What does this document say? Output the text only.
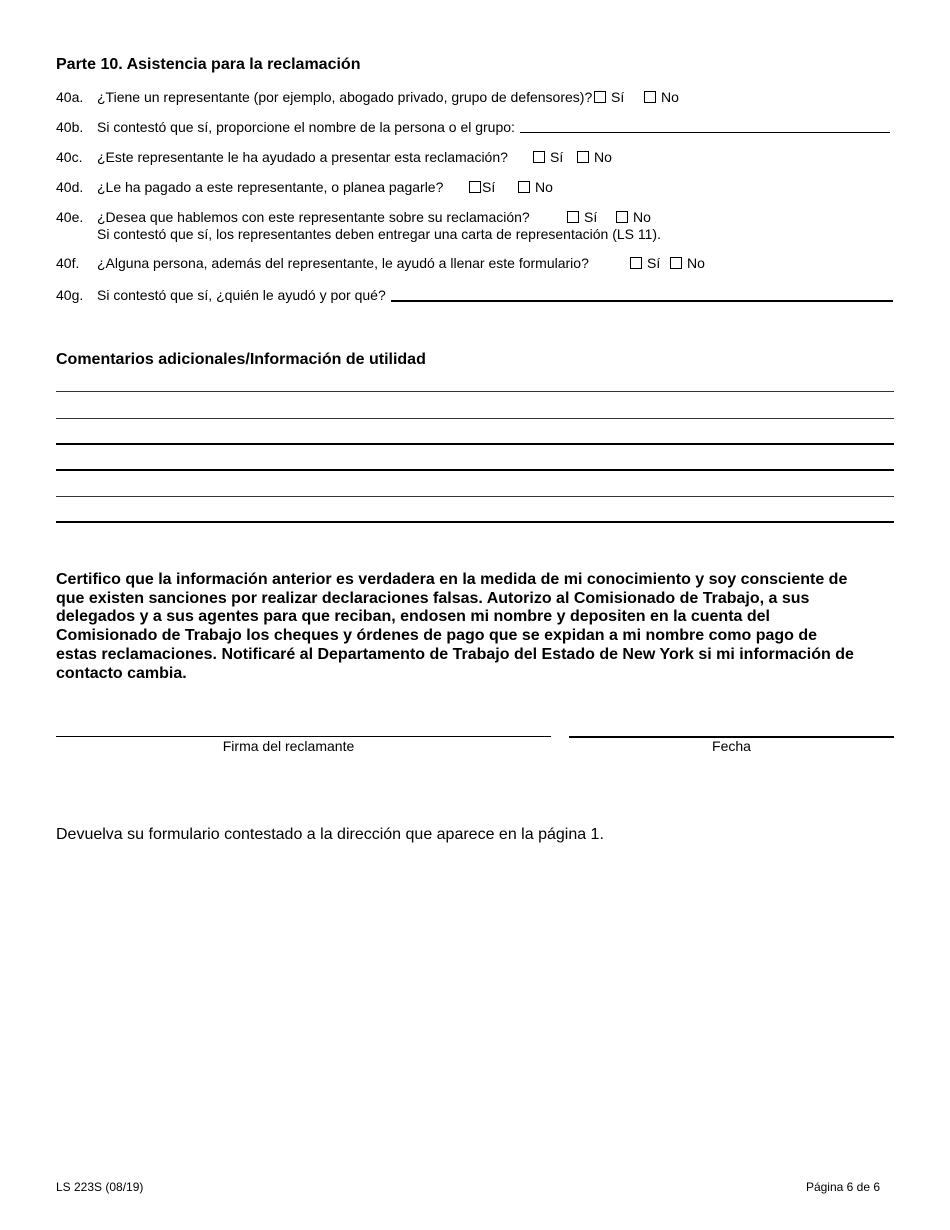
Parte 10. Asistencia para la reclamación
40a. ¿Tiene un representante (por ejemplo, abogado privado, grupo de defensores)?	Sí	No
40b. Si contestó que sí, proporcione el nombre de la persona o el grupo:
40c. ¿Este representante le ha ayudado a presentar esta reclamación?	Sí	No
40d. ¿Le ha pagado a este representante, o planea pagarle?	Sí	No
40e. ¿Desea que hablemos con este representante sobre su reclamación?	Sí	No
Si contestó que sí, los representantes deben entregar una carta de representación (LS 11).
40f. ¿Alguna persona, además del representante, le ayudó a llenar este formulario?	Sí	No
40g. Si contestó que sí, ¿quién le ayudó y por qué?
Comentarios adicionales/Información de utilidad
Certifico que la información anterior es verdadera en la medida de mi conocimiento y soy consciente de que existen sanciones por realizar declaraciones falsas. Autorizo al Comisionado de Trabajo, a sus delegados y a sus agentes para que reciban, endosen mi nombre y depositen en la cuenta del Comisionado de Trabajo los cheques y órdenes de pago que se expidan a mi nombre como pago de estas reclamaciones. Notificaré al Departamento de Trabajo del Estado de New York si mi información de contacto cambia.
Firma del reclamante	Fecha
Devuelva su formulario contestado a la dirección que aparece en la página 1.
LS 223S (08/19)	Página 6 de 6
